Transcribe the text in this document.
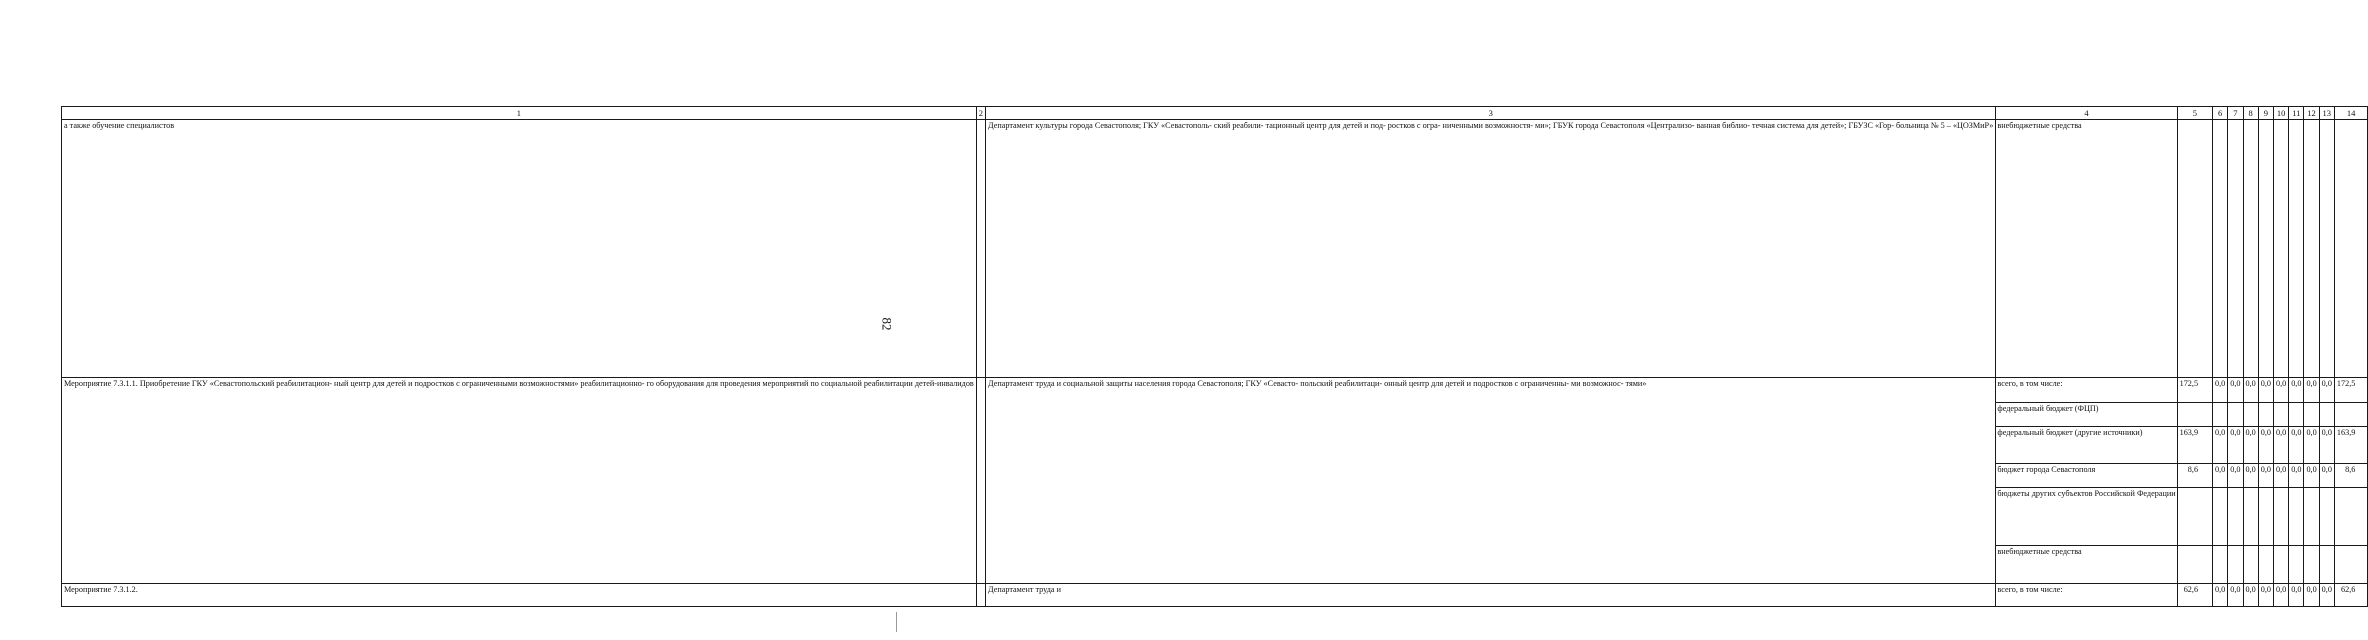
1	2	3	4	5	6	7	8	9	10	11	12	13	14
а также обучение специалистов		Департамент культуры города Севастополя; ГКУ «Севастополь- ский реабили- тационный центр для детей и под- ростков с огра- ниченными возможностя- ми»; ГБУК города Севастополя «Централизо- ванная библио- течная система для детей»; ГБУЗС «Гор- больница № 5 – «ЦОЗМиР»	внебюджетные средства										
Мероприятие 7.3.1.1. Приобретение ГКУ «Севастопольский реабилитацион- ный центр для детей и подростков с ограниченными возможностями» реабилитационно- го оборудования для проведения мероприятий по социальной реабилитации детей-инвалидов		Департамент труда и социальной защиты населения города Севастополя; ГКУ «Севасто- польский реабилитаци- онный центр для детей и подростков с ограниченны- ми возможнос- тями»	всего, в том числе:	172,5	0,0	0,0	0,0	0,0	0,0	0,0	0,0	0,0	172,5
			федеральный бюджет (ФЦП)										
			федеральный бюджет (другие источники)	163,9	0,0	0,0	0,0	0,0	0,0	0,0	0,0	0,0	163,9
			бюджет города Севастополя	8,6	0,0	0,0	0,0	0,0	0,0	0,0	0,0	0,0	8,6
			бюджеты других субъектов Российской Федерации										
			внебюджетные средства										
Мероприятие 7.3.1.2.		Департамент труда и	всего, в том числе:	62,6	0,0	0,0	0,0	0,0	0,0	0,0	0,0	0,0	62,6
82
